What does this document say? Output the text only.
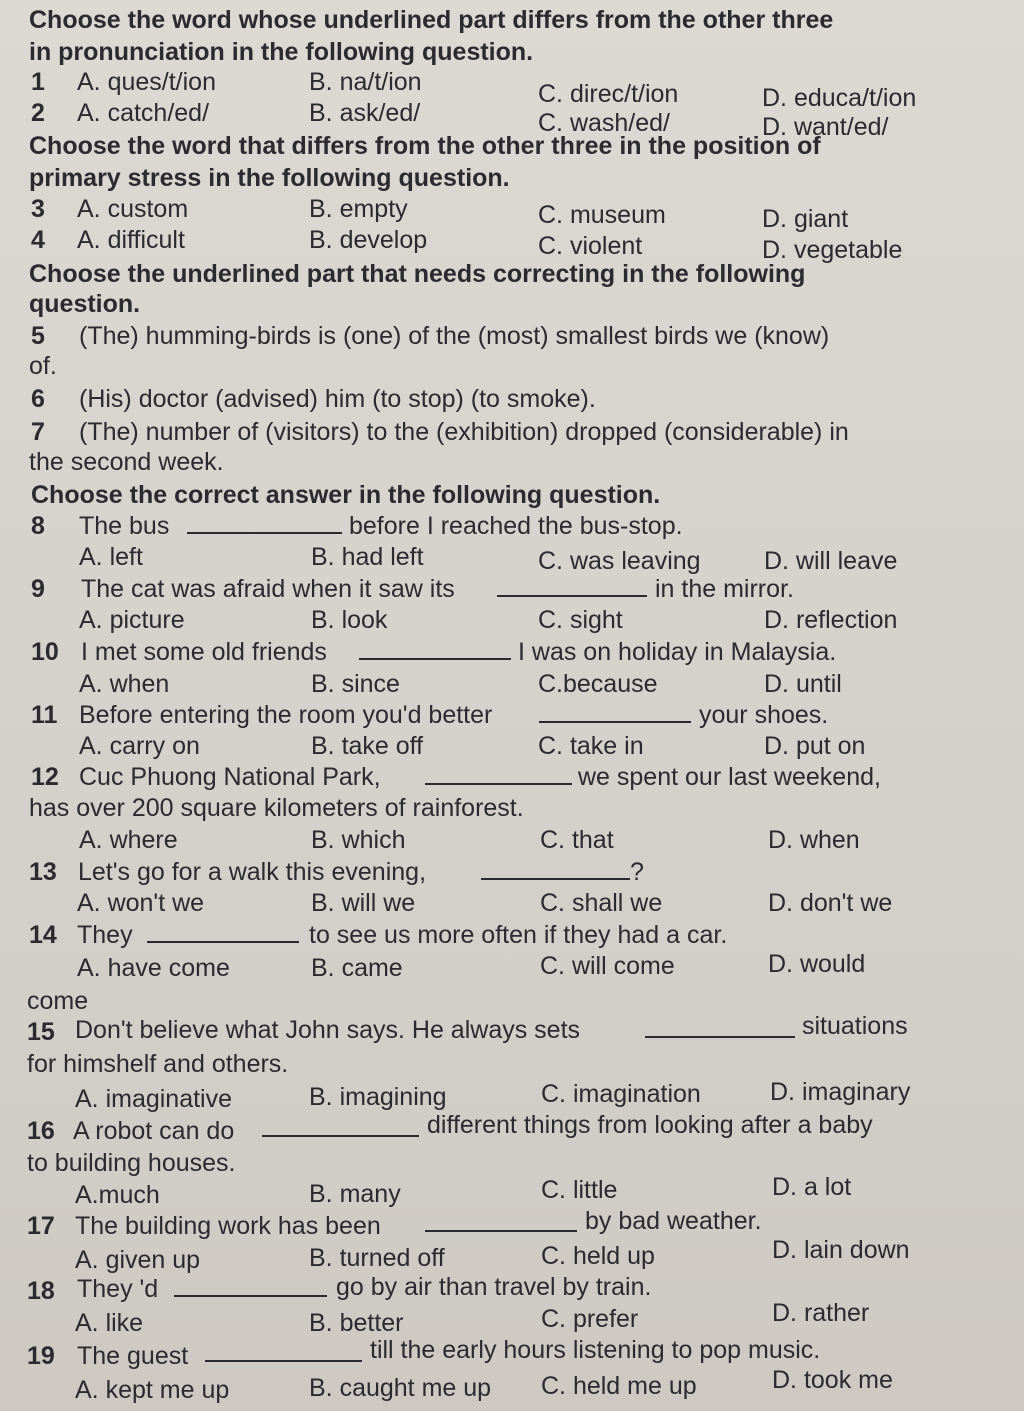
Choose the word whose underlined part differs from the other three
in pronunciation in the following question.
1 A. ques/t/ion	B. na/t/ion	C. direc/t/ion	D. educa/t/ion
2 A. catch/ed/	B. ask/ed/	C. wash/ed/	D. want/ed/
Choose the word that differs from the other three in the position of
primary stress in the following question.
3 A. custom	B. empty	C. museum	D. giant
4 A. difficult	B. develop	C. violent	D. vegetable
Choose the underlined part that needs correcting in the following
question.
5 (The) humming-birds is (one) of the (most) smallest birds we (know)
of.
6 (His) doctor (advised) him (to stop) (to smoke).
7 (The) number of (visitors) to the (exhibition) dropped (considerable) in
the second week.
Choose the correct answer in the following question.
8 The bus	before I reached the bus-stop.
A. left	B. had left	C. was leaving	D. will leave
9 The cat was afraid when it saw its	in the mirror.
A. picture	B. look	C. sight	D. reflection
10 I met some old friends	I was on holiday in Malaysia.
A. when	B. since	C.because	D. until
11 Before entering the room you'd better	your shoes.
A. carry on	B. take off	C. take in	D. put on
12 Cuc Phuong National Park,	we spent our last weekend,
has over 200 square kilometers of rainforest.
A. where	B. which	C. that	D. when
13 Let's go for a walk this evening,	?
A. won't we	B. will we	C. shall we	D. don't we
14 They	to see us more often if they had a car.
A. have come	B. came	C. will come	D. would
come
15 Don't believe what John says. He always sets	situations
for himshelf and others.
A. imaginative	B. imagining	C. imagination	D. imaginary
16 A robot can do	different things from looking after a baby
to building houses.
A.much	B. many	C. little	D. a lot
17 The building work has been	by bad weather.
A. given up	B. turned off	C. held up	D. lain down
18 They 'd	go by air than travel by train.
A. like	B. better	C. prefer	D. rather
19 The guest	till the early hours listening to pop music.
A. kept me up	B. caught me up C. held me up	D. took me
